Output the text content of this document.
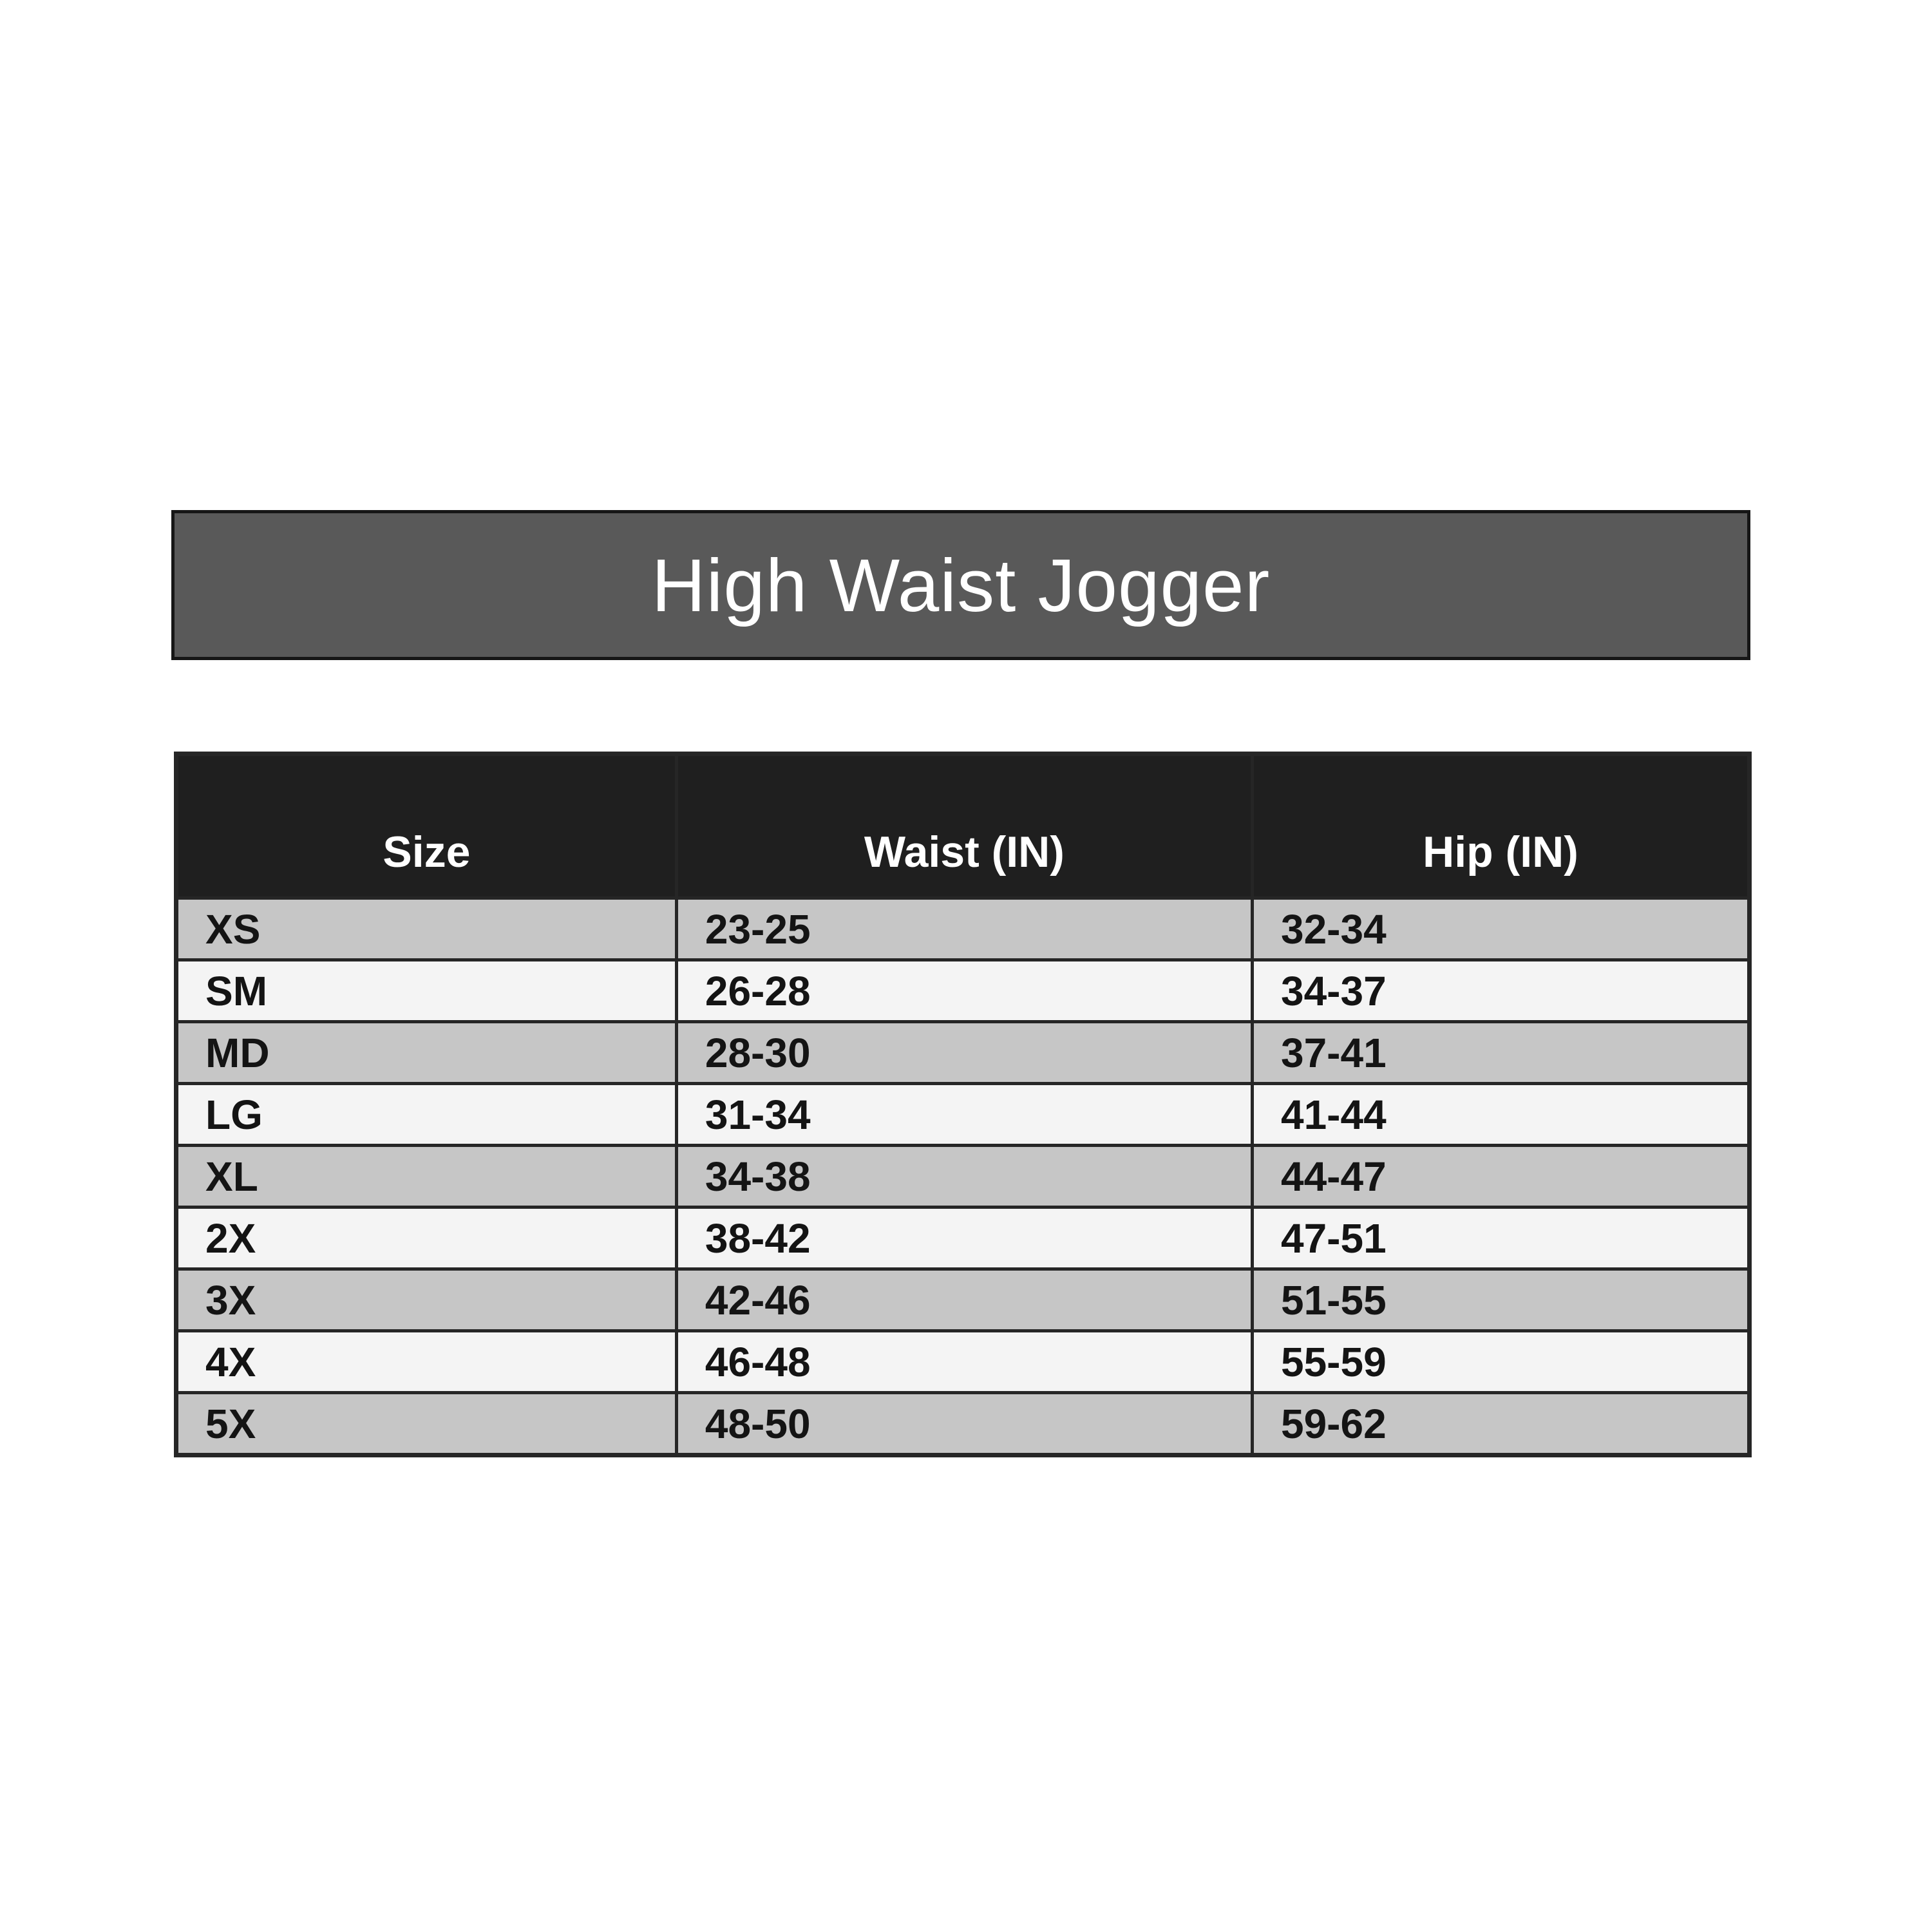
High Waist Jogger
Size	Waist (IN)	Hip (IN)
XS	23-25	32-34
SM	26-28	34-37
MD	28-30	37-41
LG	31-34	41-44
XL	34-38	44-47
2X	38-42	47-51
3X	42-46	51-55
4X	46-48	55-59
5X	48-50	59-62
